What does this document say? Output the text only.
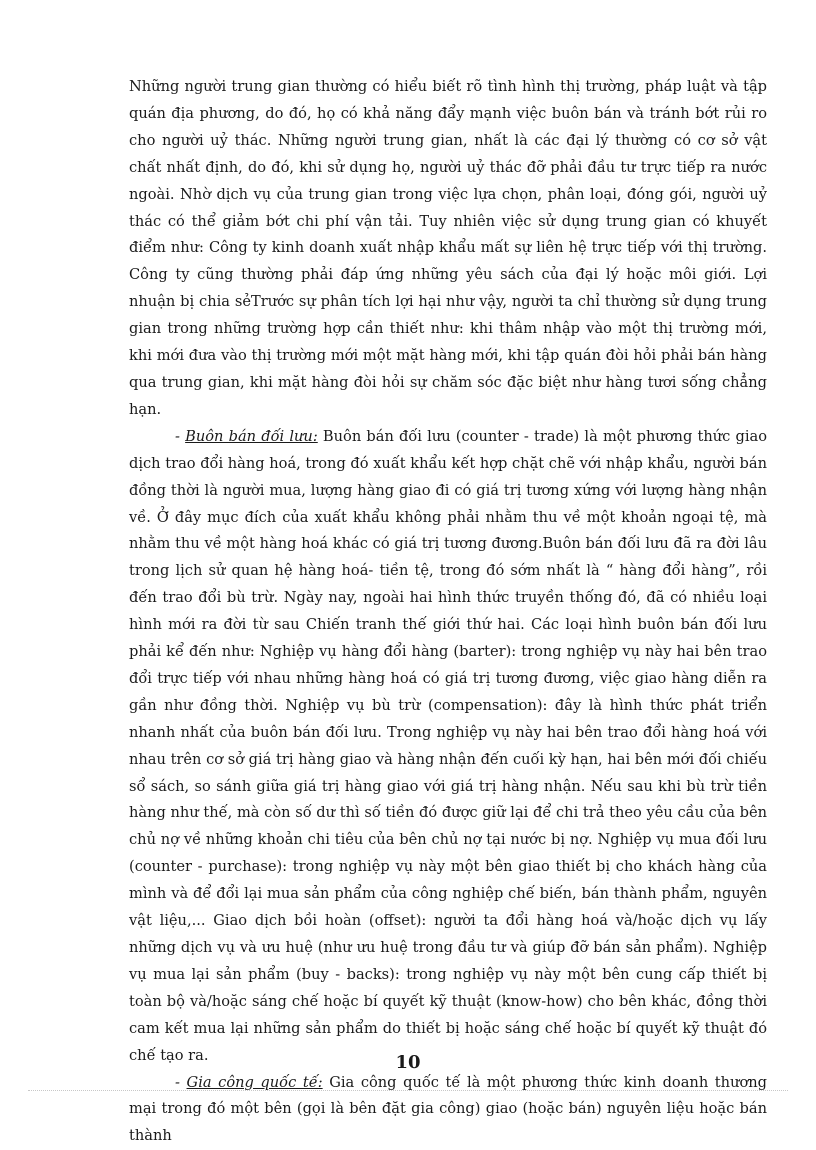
Những người trung gian thường có hiểu biết rõ tình hình thị trường, pháp luật và tập quán địa phương, do đó, họ có khả năng đẩy mạnh việc buôn bán và tránh bớt rủi ro cho người uỷ thác. Những người trung gian, nhất là các đại lý thường có cơ sở vật chất nhất định, do đó, khi sử dụng họ, người uỷ thác đỡ phải đầu tư trực tiếp ra nước ngoài. Nhờ dịch vụ của trung gian trong việc lựa chọn, phân loại, đóng gói, người uỷ thác có thể giảm bớt chi phí vận tải. Tuy nhiên việc sử dụng trung gian có khuyết điểm như: Công ty kinh doanh xuất nhập khẩu mất sự liên hệ trực tiếp với thị trường. Công ty cũng thường phải đáp ứng những yêu sách của đại lý hoặc môi giới. Lợi nhuận bị chia sẻTrước sự phân tích lợi hại như vậy, người ta chỉ thường sử dụng trung gian trong những trường hợp cần thiết như: khi thâm nhập vào một thị trường mới, khi mới đưa vào thị trường mới một mặt hàng mới, khi tập quán đòi hỏi phải bán hàng qua trung gian, khi mặt hàng đòi hỏi sự chăm sóc đặc biệt như hàng tươi sống chẳng hạn.

- Buôn bán đối lưu: Buôn bán đối lưu (counter - trade) là một phương thức giao dịch trao đổi hàng hoá, trong đó xuất khẩu kết hợp chặt chẽ với nhập khẩu, người bán đồng thời là người mua, lượng hàng giao đi có giá trị tương xứng với lượng hàng nhận về. Ở đây mục đích của xuất khẩu không phải nhằm thu về một khoản ngoại tệ, mà nhằm thu về một hàng hoá khác có giá trị tương đương.Buôn bán đối lưu đã ra đời lâu trong lịch sử quan hệ hàng hoá- tiền tệ, trong đó sớm nhất là “ hàng đổi hàng”, rồi đến trao đổi bù trừ. Ngày nay, ngoài hai hình thức truyền thống đó, đã có nhiều loại hình mới ra đời từ sau Chiến tranh thế giới thứ hai. Các loại hình buôn bán đối lưu phải kể đến như: Nghiệp vụ hàng đổi hàng (barter): trong nghiệp vụ này hai bên trao đổi trực tiếp với nhau những hàng hoá có giá trị tương đương, việc giao hàng diễn ra gần như đồng thời. Nghiệp vụ bù trừ (compensation): đây là hình thức phát triển nhanh nhất của buôn bán đối lưu. Trong nghiệp vụ này hai bên trao đổi hàng hoá với nhau trên cơ sở giá trị hàng giao và hàng nhận đến cuối kỳ hạn, hai bên mới đối chiếu sổ sách, so sánh giữa giá trị hàng giao với giá trị hàng nhận. Nếu sau khi bù trừ tiền hàng như thế, mà còn số dư thì số tiền đó được giữ lại để chi trả theo yêu cầu của bên chủ nợ về những khoản chi tiêu của bên chủ nợ tại nước bị nợ. Nghiệp vụ mua đối lưu (counter - purchase): trong nghiệp vụ này một bên giao thiết bị cho khách hàng của mình và để đổi lại mua sản phẩm của công nghiệp chế biến, bán thành phẩm, nguyên vật liệu,... Giao dịch bồi hoàn (offset): người ta đổi hàng hoá và/hoặc dịch vụ lấy những dịch vụ và ưu huệ (như ưu huệ trong đầu tư và giúp đỡ bán sản phẩm). Nghiệp vụ mua lại sản phẩm (buy - backs): trong nghiệp vụ này một bên cung cấp thiết bị toàn bộ và/hoặc sáng chế hoặc bí quyết kỹ thuật (know-how) cho bên khác, đồng thời cam kết mua lại những sản phẩm do thiết bị hoặc sáng chế hoặc bí quyết kỹ thuật đó chế tạo ra.

- Gia công quốc tế: Gia công quốc tế là một phương thức kinh doanh thương mại trong đó một bên (gọi là bên đặt gia công) giao (hoặc bán) nguyên liệu hoặc bán thành

10
